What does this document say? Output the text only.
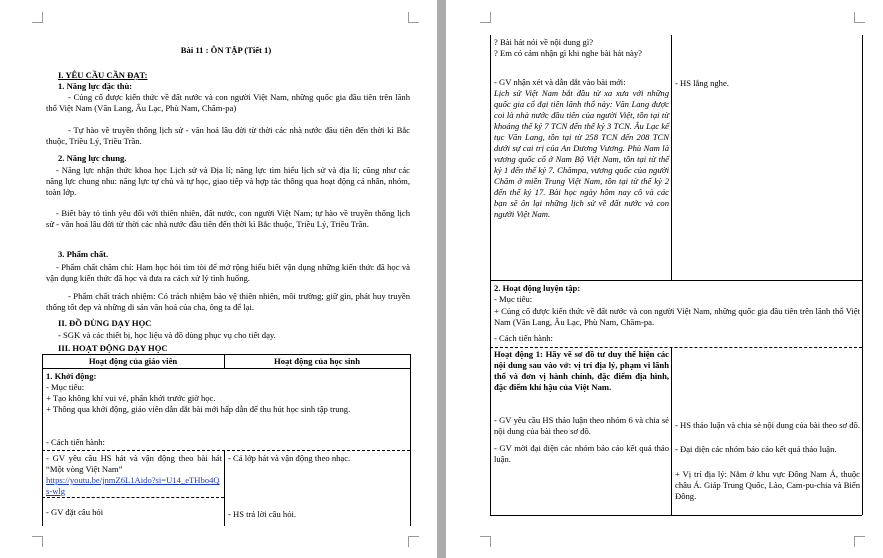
Bài 11 : ÔN TẬP (Tiết 1)
I. YÊU CẦU CẦN ĐẠT:
1. Năng lực đặc thù:
- Củng cố được kiến thức về đất nước và con người Việt Nam, những quốc gia đầu tiên trên lãnh thổ Việt Nam (Văn Lang, Âu Lạc, Phù Nam, Chăm-pa)
- Tự hào về truyền thống lịch sử - văn hoá lâu đời từ thời các nhà nước đầu tiên đến thời kì Bắc thuộc, Triều Lý, Triều Trần.
2. Năng lực chung.
- Năng lực nhận thức khoa học Lịch sử và Địa lí; năng lực tìm hiểu lịch sử và địa lí; cũng như các năng lực chung nhu: năng lực tự chủ và tự học, giao tiếp và hợp tác thông qua hoạt động cá nhân, nhóm, toàn lớp.
- Biết bày tỏ tình yêu đối với thiên nhiên, đất nước, con người Việt Nam; tự hào về truyền thống lịch sử - văn hoá lâu đời từ thời các nhà nước đầu tiên đến thời kì Bắc thuộc, Triều Lý, Triều Trần.
3. Phẩm chất.
- Phẩm chất chăm chỉ: Ham học hỏi tìm tòi để mở rộng hiểu biết vận dụng những kiến thức đã học và vận dụng kiến thức đã học và đưa ra cách xử lý tình huống.
- Phẩm chất trách nhiệm: Có trách nhiệm bảo vệ thiên nhiên, môi trường; giữ gìn, phát huy truyền thống tốt đẹp và những di sản văn hoá của cha, ông ta để lại.
II. ĐỒ DÙNG DẠY HỌC
- SGK và các thiết bị, học liệu và đồ dùng phục vụ cho tiết dạy.
III. HOẠT ĐỘNG DẠY HỌC
Hoạt động của giáo viên	Hoạt động của học sinh
1. Khởi động:
- Mục tiêu:
+ Tạo không khí vui vẻ, phấn khởi trước giờ học.
+ Thông qua khởi động, giáo viên dẫn dắt bài mới hấp dẫn để thu hút học sinh tập trung.
- Cách tiến hành:
- GV yêu cầu HS hát và vận động theo bài hát “Một vòng Việt Nam”
https://youtu.be/jnmZ6L1Aido?si=U14_eTHbo4Qs-wlg
- GV đặt câu hỏi
- Cả lớp hát và vận động theo nhạc.
- HS trả lời câu hỏi.
? Bài hát nói về nội dung gì?
? Em có cảm nhận gì khi nghe bài hát này?
- GV nhận xét và dẫn dắt vào bài mới:
Lịch sử Việt Nam bắt đầu từ xa xưa với những quốc gia cổ đại tiên lãnh thổ này: Văn Lang được coi là nhà nước đầu tiên của người Việt, tồn tại từ khoảng thế kỷ 7 TCN đến thế kỷ 3 TCN. Âu Lạc kế tục Văn Lang, tồn tại từ 258 TCN đến 208 TCN dưới sự cai trị của An Dương Vương. Phù Nam là vương quốc cổ ở Nam Bộ Việt Nam, tồn tại từ thế kỷ 1 đến thế kỷ 7. Chămpa, vương quốc của người Chăm ở miền Trung Việt Nam, tồn tại từ thế kỷ 2 đến thế kỷ 17. Bài học ngày hôm nay cô và các bạn sẽ ôn lại những lịch sử về đất nước và con người Việt Nam.
- HS lắng nghe.
2. Hoạt động luyện tập:
- Mục tiêu:
+ Củng cố được kiến thức về đất nước và con người Việt Nam, những quốc gia đầu tiên trên lãnh thổ Việt Nam (Văn Lang, Âu Lạc, Phù Nam, Chăm-pa.
- Cách tiến hành:
Hoạt động 1: Hãy vẽ sơ đồ tư duy thể hiện các nội dung sau vào vở: vị trí địa lý, phạm vi lãnh thổ và đơn vị hành chính, đặc điểm địa hình, đặc điểm khí hậu của Việt Nam.
- GV yêu cầu HS thảo luận theo nhóm 6 và chia sẻ nội dung của bài theo sơ đồ.
- GV mời đại diện các nhóm báo cáo kết quả thảo luận.
- HS thảo luận và chia sẻ nội dung của bài theo sơ đồ.
- Đại diện các nhóm báo cáo kết quả thảo luận.
+ Vị trí địa lý: Nằm ở khu vực Đông Nam Á, thuộc châu Á. Giáp Trung Quốc, Lào, Cam-pu-chia và Biển Đông.
